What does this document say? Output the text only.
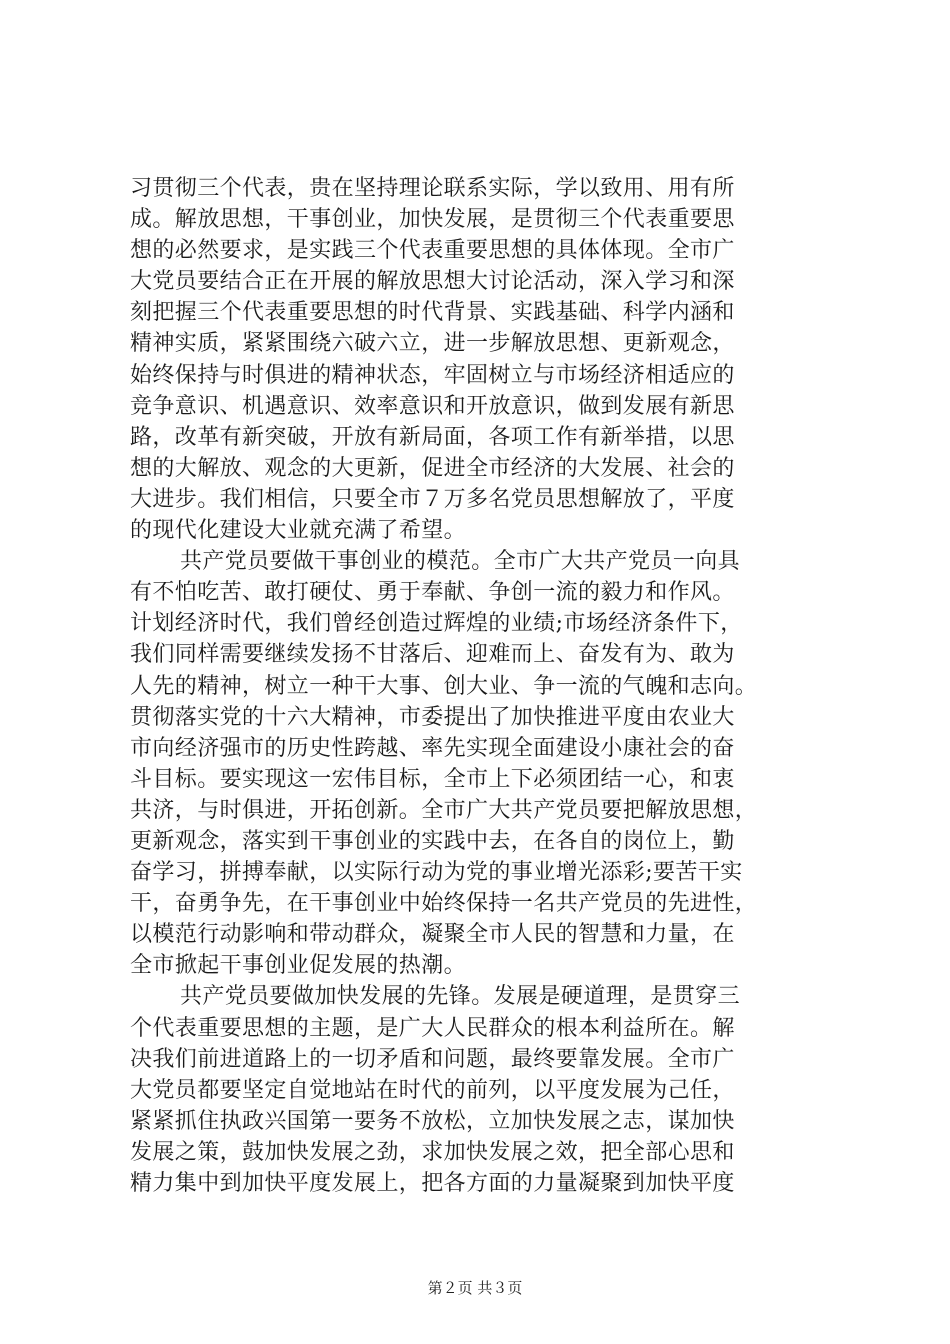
习贯彻三个代表，贵在坚持理论联系实际，学以致用、用有所
成。解放思想，干事创业，加快发展，是贯彻三个代表重要思
想的必然要求，是实践三个代表重要思想的具体体现。全市广
大党员要结合正在开展的解放思想大讨论活动，深入学习和深
刻把握三个代表重要思想的时代背景、实践基础、科学内涵和
精神实质，紧紧围绕六破六立，进一步解放思想、更新观念，
始终保持与时俱进的精神状态，牢固树立与市场经济相适应的
竞争意识、机遇意识、效率意识和开放意识，做到发展有新思
路，改革有新突破，开放有新局面，各项工作有新举措，以思
想的大解放、观念的大更新，促进全市经济的大发展、社会的
大进步。我们相信，只要全市７万多名党员思想解放了，平度
的现代化建设大业就充满了希望。
共产党员要做干事创业的模范。全市广大共产党员一向具
有不怕吃苦、敢打硬仗、勇于奉献、争创一流的毅力和作风。
计划经济时代，我们曾经创造过辉煌的业绩;市场经济条件下，
我们同样需要继续发扬不甘落后、迎难而上、奋发有为、敢为
人先的精神，树立一种干大事、创大业、争一流的气魄和志向。
贯彻落实党的十六大精神，市委提出了加快推进平度由农业大
市向经济强市的历史性跨越、率先实现全面建设小康社会的奋
斗目标。要实现这一宏伟目标，全市上下必须团结一心，和衷
共济，与时俱进，开拓创新。全市广大共产党员要把解放思想，
更新观念，落实到干事创业的实践中去，在各自的岗位上，勤
奋学习，拼搏奉献，以实际行动为党的事业增光添彩;要苦干实
干，奋勇争先，在干事创业中始终保持一名共产党员的先进性，
以模范行动影响和带动群众，凝聚全市人民的智慧和力量，在
全市掀起干事创业促发展的热潮。
共产党员要做加快发展的先锋。发展是硬道理，是贯穿三
个代表重要思想的主题，是广大人民群众的根本利益所在。解
决我们前进道路上的一切矛盾和问题，最终要靠发展。全市广
大党员都要坚定自觉地站在时代的前列，以平度发展为己任，
紧紧抓住执政兴国第一要务不放松，立加快发展之志，谋加快
发展之策，鼓加快发展之劲，求加快发展之效，把全部心思和
精力集中到加快平度发展上，把各方面的力量凝聚到加快平度
第２页 共３页
